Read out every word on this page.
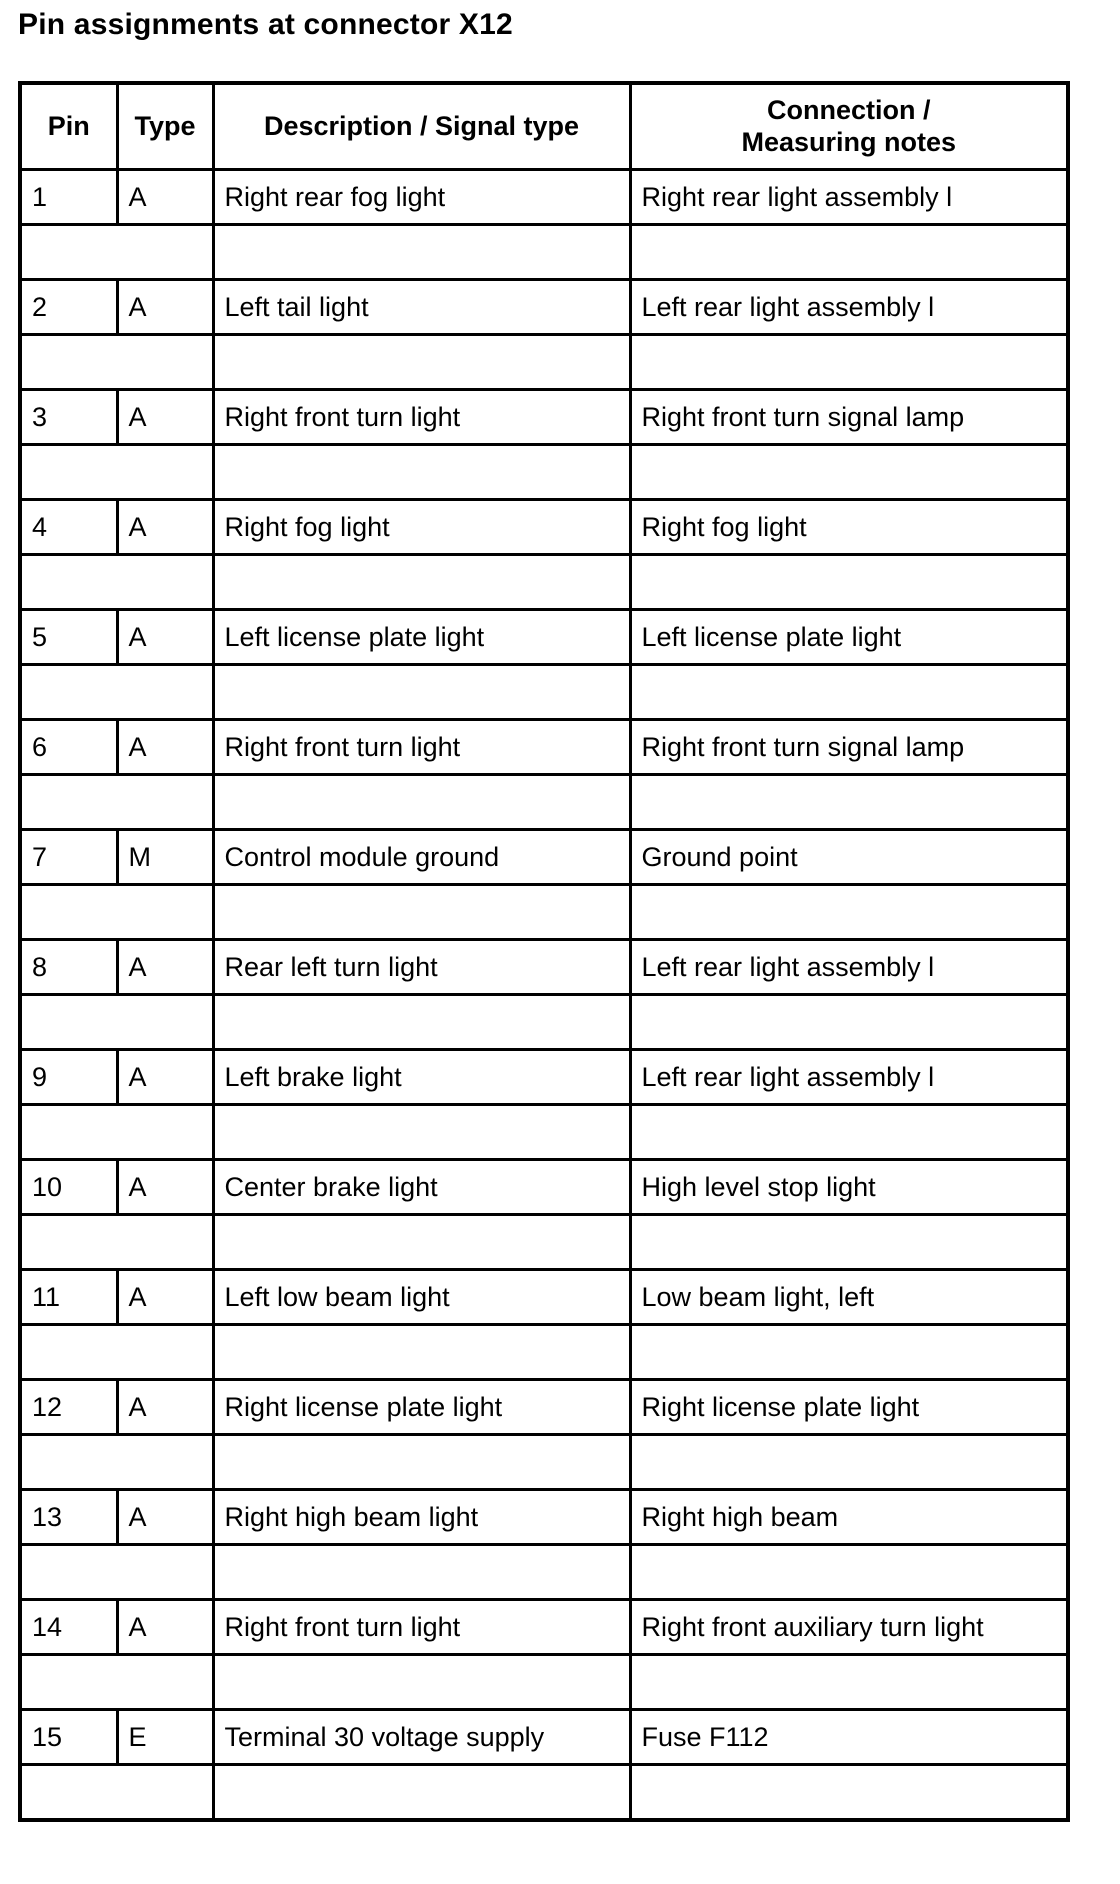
Pin assignments at connector X12
Pin	Type	Description / Signal type	Connection /
Measuring notes
1	A	Right rear fog light	Right rear light assembly l

2	A	Left tail light	Left rear light assembly l

3	A	Right front turn light	Right front turn signal lamp

4	A	Right fog light	Right fog light

5	A	Left license plate light	Left license plate light

6	A	Right front turn light	Right front turn signal lamp

7	M	Control module ground	Ground point

8	A	Rear left turn light	Left rear light assembly l

9	A	Left brake light	Left rear light assembly l

10	A	Center brake light	High level stop light

11	A	Left low beam light	Low beam light, left

12	A	Right license plate light	Right license plate light

13	A	Right high beam light	Right high beam

14	A	Right front turn light	Right front auxiliary turn light

15	E	Terminal 30 voltage supply	Fuse F112
